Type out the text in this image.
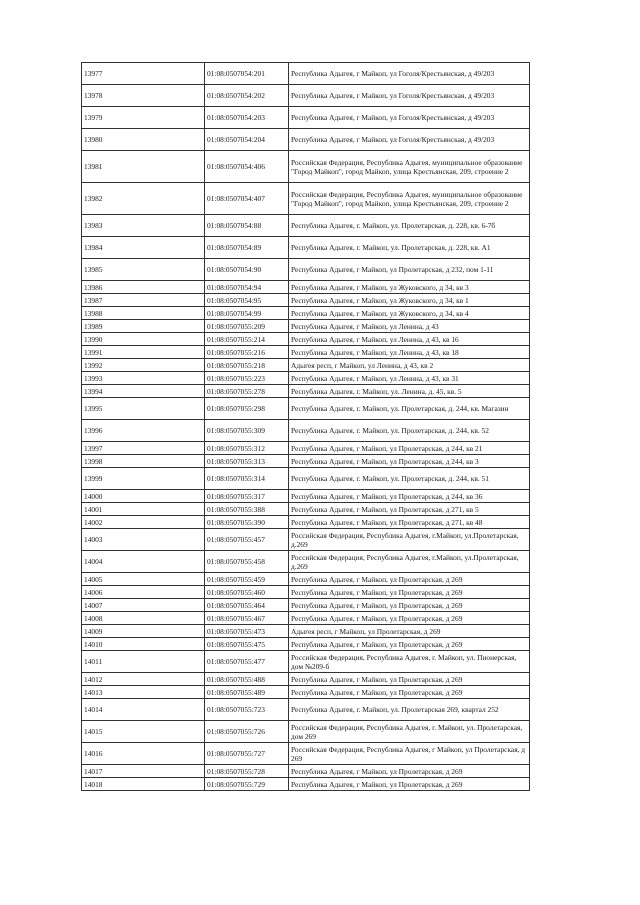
13977	01:08:0507054:201	Республика Адыгея, г Майкоп, ул Гоголя/Крестьянская, д 49/203
13978	01:08:0507054:202	Республика Адыгея, г Майкоп, ул Гоголя/Крестьянская, д 49/203
13979	01:08:0507054:203	Республика Адыгея, г Майкоп, ул Гоголя/Крестьянская, д 49/203
13980	01:08:0507054:204	Республика Адыгея, г Майкоп, ул Гоголя/Крестьянская, д 49/203
13981	01:08:0507054:406	Российская Федерация, Республика Адыгея, муниципальное образование "Город Майкоп", город Майкоп, улица Крестьянская, 209, строение 2
13982	01:08:0507054:407	Российская Федерация, Республика Адыгея, муниципальное образование "Город Майкоп", город Майкоп, улица Крестьянская, 209, строение 2
13983	01:08:0507054:88	Республика Адыгея, г. Майкоп, ул. Пролетарская, д. 228, кв. 6-7б
13984	01:08:0507054:89	Республика Адыгея, г. Майкоп, ул. Пролетарская, д. 228, кв. А1
13985	01:08:0507054:90	Республика Адыгея, г Майкоп, ул Пролетарская, д 232, пом 1-11
13986	01:08:0507054:94	Республика Адыгея, г Майкоп, ул Жуковского, д 34, кв 3
13987	01:08:0507054:95	Республика Адыгея, г Майкоп, ул Жуковского, д 34, кв 1
13988	01:08:0507054:99	Республика Адыгея, г Майкоп, ул Жуковского, д 34, кв 4
13989	01:08:0507055:209	Республика Адыгея, г Майкоп, ул Ленина, д 43
13990	01:08:0507055:214	Республика Адыгея, г Майкоп, ул Ленина, д 43, кв 16
13991	01:08:0507055:216	Республика Адыгея, г Майкоп, ул Ленина, д 43, кв 18
13992	01:08:0507055:218	Адыгея респ, г Майкоп, ул Ленина, д 43, кв 2
13993	01:08:0507055:223	Республика Адыгея, г Майкоп, ул Ленина, д 43, кв 31
13994	01:08:0507055:278	Республика Адыгея, г. Майкоп, ул. Ленина, д. 45, кв. 5
13995	01:08:0507055:298	Республика Адыгея, г. Майкоп, ул. Пролетарская, д. 244, кв. Магазин
13996	01:08:0507055:309	Республика Адыгея, г. Майкоп, ул. Пролетарская, д. 244, кв. 52
13997	01:08:0507055:312	Республика Адыгея, г Майкоп, ул Пролетарская, д 244, кв 21
13998	01:08:0507055:313	Республика Адыгея, г Майкоп, ул Пролетарская, д 244, кв 3
13999	01:08:0507055:314	Республика Адыгея, г. Майкоп, ул. Пролетарская, д. 244, кв. 51
14000	01:08:0507055:317	Республика Адыгея, г Майкоп, ул Пролетарская, д 244, кв 36
14001	01:08:0507055:388	Республика Адыгея, г Майкоп, ул Пролетарская, д 271, кв 5
14002	01:08:0507055:390	Республика Адыгея, г Майкоп, ул Пролетарская, д 271, кв 48
14003	01:08:0507055:457	Российская Федерация, Республика Адыгея, г.Майкоп, ул.Пролетарская, д.269
14004	01:08:0507055:458	Российская Федерация, Республика Адыгея, г.Майкоп, ул.Пролетарская, д.269
14005	01:08:0507055:459	Республика Адыгея, г Майкоп, ул Пролетарская, д 269
14006	01:08:0507055:460	Республика Адыгея, г Майкоп, ул Пролетарская, д 269
14007	01:08:0507055:464	Республика Адыгея, г Майкоп, ул Пролетарская, д 269
14008	01:08:0507055:467	Республика Адыгея, г Майкоп, ул Пролетарская, д 269
14009	01:08:0507055:473	Адыгея респ, г Майкоп, ул Пролетарская, д 269
14010	01:08:0507055:475	Республика Адыгея, г Майкоп, ул Пролетарская, д 269
14011	01:08:0507055:477	Российская Федерация, Республика Адыгея, г. Майкоп, ул. Пионерская, дом №209-б
14012	01:08:0507055:488	Республика Адыгея, г Майкоп, ул Пролетарская, д 269
14013	01:08:0507055:489	Республика Адыгея, г Майкоп, ул Пролетарская, д 269
14014	01:08:0507055:723	Республика Адыгея, г. Майкоп, ул. Пролетарская 269, квартал 252
14015	01:08:0507055:726	Российская Федерация, Республика Адыгея, г. Майкоп, ул. Пролетарская, дом 269
14016	01:08:0507055:727	Российская Федерация, Республика Адыгея, г Майкоп, ул Пролетарская, д 269
14017	01:08:0507055:728	Республика Адыгея, г Майкоп, ул Пролетарская, д 269
14018	01:08:0507055:729	Республика Адыгея, г Майкоп, ул Пролетарская, д 269
